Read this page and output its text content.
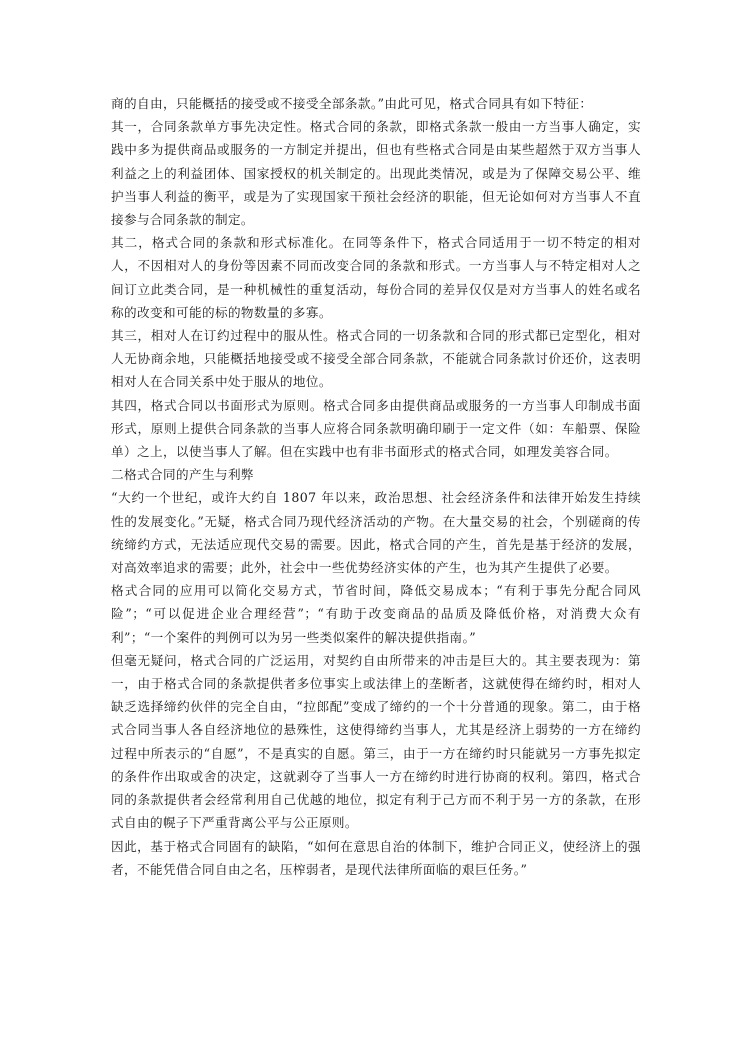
商的自由，只能概括的接受或不接受全部条款。”由此可见，格式合同具有如下特征：

其一，合同条款单方事先决定性。格式合同的条款，即格式条款一般由一方当事人确定，实践中多为提供商品或服务的一方制定并提出，但也有些格式合同是由某些超然于双方当事人利益之上的利益团体、国家授权的机关制定的。出现此类情况，或是为了保障交易公平、维护当事人利益的衡平，或是为了实现国家干预社会经济的职能，但无论如何对方当事人不直接参与合同条款的制定。

其二，格式合同的条款和形式标准化。在同等条件下，格式合同适用于一切不特定的相对人，不因相对人的身份等因素不同而改变合同的条款和形式。一方当事人与不特定相对人之间订立此类合同，是一种机械性的重复活动，每份合同的差异仅仅是对方当事人的姓名或名称的改变和可能的标的物数量的多寡。

其三，相对人在订约过程中的服从性。格式合同的一切条款和合同的形式都已定型化，相对人无协商余地，只能概括地接受或不接受全部合同条款，不能就合同条款讨价还价，这表明相对人在合同关系中处于服从的地位。

其四，格式合同以书面形式为原则。格式合同多由提供商品或服务的一方当事人印制成书面形式，原则上提供合同条款的当事人应将合同条款明确印刷于一定文件（如：车船票、保险单）之上，以使当事人了解。但在实践中也有非书面形式的格式合同，如理发美容合同。

二格式合同的产生与利弊

“大约一个世纪，或许大约自 1807 年以来，政治思想、社会经济条件和法律开始发生持续性的发展变化。”无疑，格式合同乃现代经济活动的产物。在大量交易的社会，个别磋商的传统缔约方式，无法适应现代交易的需要。因此，格式合同的产生，首先是基于经济的发展，对高效率追求的需要；此外，社会中一些优势经济实体的产生，也为其产生提供了必要。

格式合同的应用可以简化交易方式，节省时间，降低交易成本；“有利于事先分配合同风险”；“可以促进企业合理经营”；“有助于改变商品的品质及降低价格，对消费大众有利”；“一个案件的判例可以为另一些类似案件的解决提供指南。”

但毫无疑问，格式合同的广泛运用，对契约自由所带来的冲击是巨大的。其主要表现为：第一，由于格式合同的条款提供者多位事实上或法律上的垄断者，这就使得在缔约时，相对人缺乏选择缔约伙伴的完全自由，“拉郎配”变成了缔约的一个十分普通的现象。第二，由于格式合同当事人各自经济地位的悬殊性，这使得缔约当事人，尤其是经济上弱势的一方在缔约过程中所表示的“自愿”，不是真实的自愿。第三，由于一方在缔约时只能就另一方事先拟定的条件作出取或舍的决定，这就剥夺了当事人一方在缔约时进行协商的权利。第四，格式合同的条款提供者会经常利用自己优越的地位，拟定有利于己方而不利于另一方的条款，在形式自由的幌子下严重背离公平与公正原则。

因此，基于格式合同固有的缺陷，“如何在意思自治的体制下，维护合同正义，使经济上的强者，不能凭借合同自由之名，压榨弱者，是现代法律所面临的艰巨任务。”
